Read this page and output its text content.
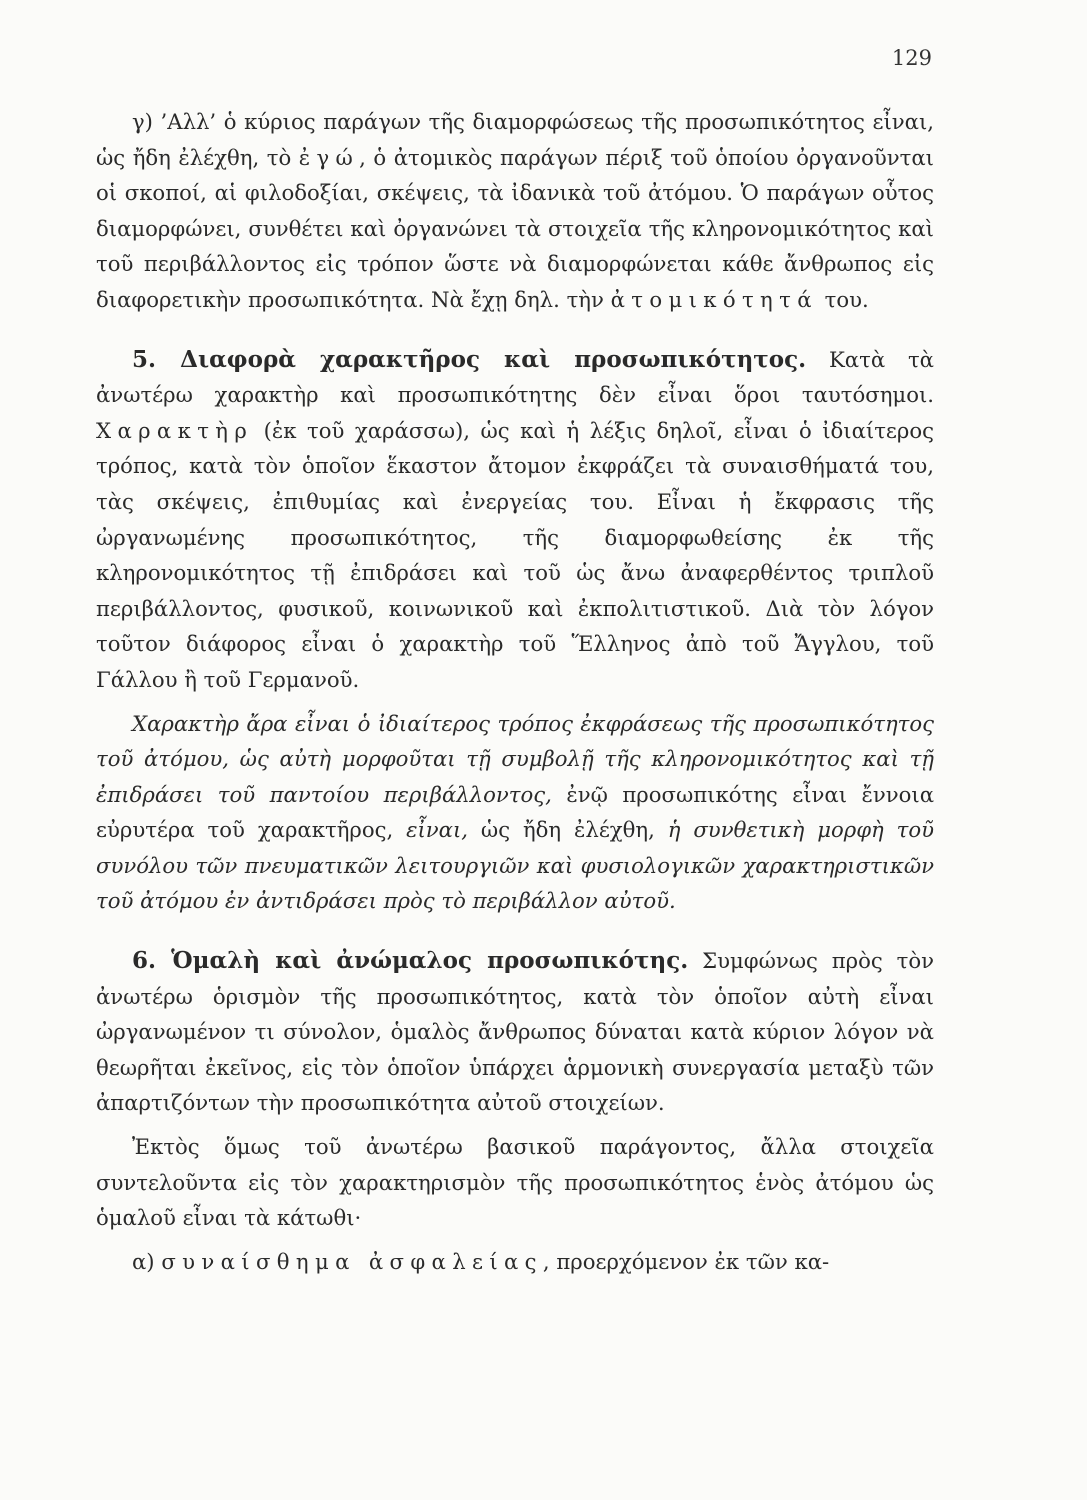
129

γ) ’Αλλ’ ὁ κύριος παράγων τῆς διαμορφώσεως τῆς προσωπικότητος εἶναι, ὡς ἤδη ἐλέχθη, τὸ ἐγώ, ὁ ἀτομικὸς παράγων πέριξ τοῦ ὁποίου ὀργανοῦνται οἱ σκοποί, αἱ φιλοδοξίαι, σκέψεις, τὰ ἰδανικὰ τοῦ ἀτόμου. Ὁ παράγων οὗτος διαμορφώνει, συνθέτει καὶ ὀργανώνει τὰ στοιχεῖα τῆς κληρονομικότητος καὶ τοῦ περιβάλλοντος εἰς τρόπον ὥστε νὰ διαμορφώνεται κάθε ἄνθρωπος εἰς διαφορετικὴν προσωπικότητα. Νὰ ἔχῃ δηλ. τὴν ἀτομικότητά του.

5. Διαφορὰ χαρακτῆρος καὶ προσωπικότητος. Κατὰ τὰ ἀνωτέρω χαρακτὴρ καὶ προσωπικότητης δὲν εἶναι ὅροι ταυτόσημοι. Χαρακτὴρ (ἐκ τοῦ χαράσσω), ὡς καὶ ἡ λέξις δηλοῖ, εἶναι ὁ ἰδιαίτερος τρόπος, κατὰ τὸν ὁποῖον ἕκαστον ἄτομον ἐκφράζει τὰ συναισθήματά του, τὰς σκέψεις, ἐπιθυμίας καὶ ἐνεργείας του. Εἶναι ἡ ἔκφρασις τῆς ὠργανωμένης προσωπικότητος, τῆς διαμορφωθείσης ἐκ τῆς κληρονομικότητος τῇ ἐπιδράσει καὶ τοῦ ὡς ἄνω ἀναφερθέντος τριπλοῦ περιβάλλοντος, φυσικοῦ, κοινωνικοῦ καὶ ἐκπολιτιστικοῦ. Διὰ τὸν λόγον τοῦτον διάφορος εἶναι ὁ χαρακτὴρ τοῦ Ἕλληνος ἀπὸ τοῦ Ἄγγλου, τοῦ Γάλλου ἢ τοῦ Γερμανοῦ.

Χαρακτὴρ ἄρα εἶναι ὁ ἰδιαίτερος τρόπος ἐκφράσεως τῆς προσωπικότητος τοῦ ἀτόμου, ὡς αὐτὴ μορφοῦται τῇ συμβολῇ τῆς κληρονομικότητος καὶ τῇ ἐπιδράσει τοῦ παντοίου περιβάλλοντος, ἐνῷ προσωπικότης εἶναι ἔννοια εὐρυτέρα τοῦ χαρακτῆρος, εἶναι, ὡς ἤδη ἐλέχθη, ἡ συνθετικὴ μορφὴ τοῦ συνόλου τῶν πνευματικῶν λειτουργιῶν καὶ φυσιολογικῶν χαρακτηριστικῶν τοῦ ἀτόμου ἐν ἀντιδράσει πρὸς τὸ περιβάλλον αὐτοῦ.

6. Ὁμαλὴ καὶ ἀνώμαλος προσωπικότης. Συμφώνως πρὸς τὸν ἀνωτέρω ὁρισμὸν τῆς προσωπικότητος, κατὰ τὸν ὁποῖον αὐτὴ εἶναι ὠργανωμένον τι σύνολον, ὁμαλὸς ἄνθρωπος δύναται κατὰ κύριον λόγον νὰ θεωρῆται ἐκεῖνος, εἰς τὸν ὁποῖον ὑπάρχει ἁρμονικὴ συνεργασία μεταξὺ τῶν ἀπαρτιζόντων τὴν προσωπικότητα αὐτοῦ στοιχείων.

Ἐκτὸς ὅμως τοῦ ἀνωτέρω βασικοῦ παράγοντος, ἄλλα στοιχεῖα συντελοῦντα εἰς τὸν χαρακτηρισμὸν τῆς προσωπικότητος ἑνὸς ἀτόμου ὡς ὁμαλοῦ εἶναι τὰ κάτωθι·

α) συναίσθημα ἀσφαλείας, προερχόμενον ἐκ τῶν κα-
